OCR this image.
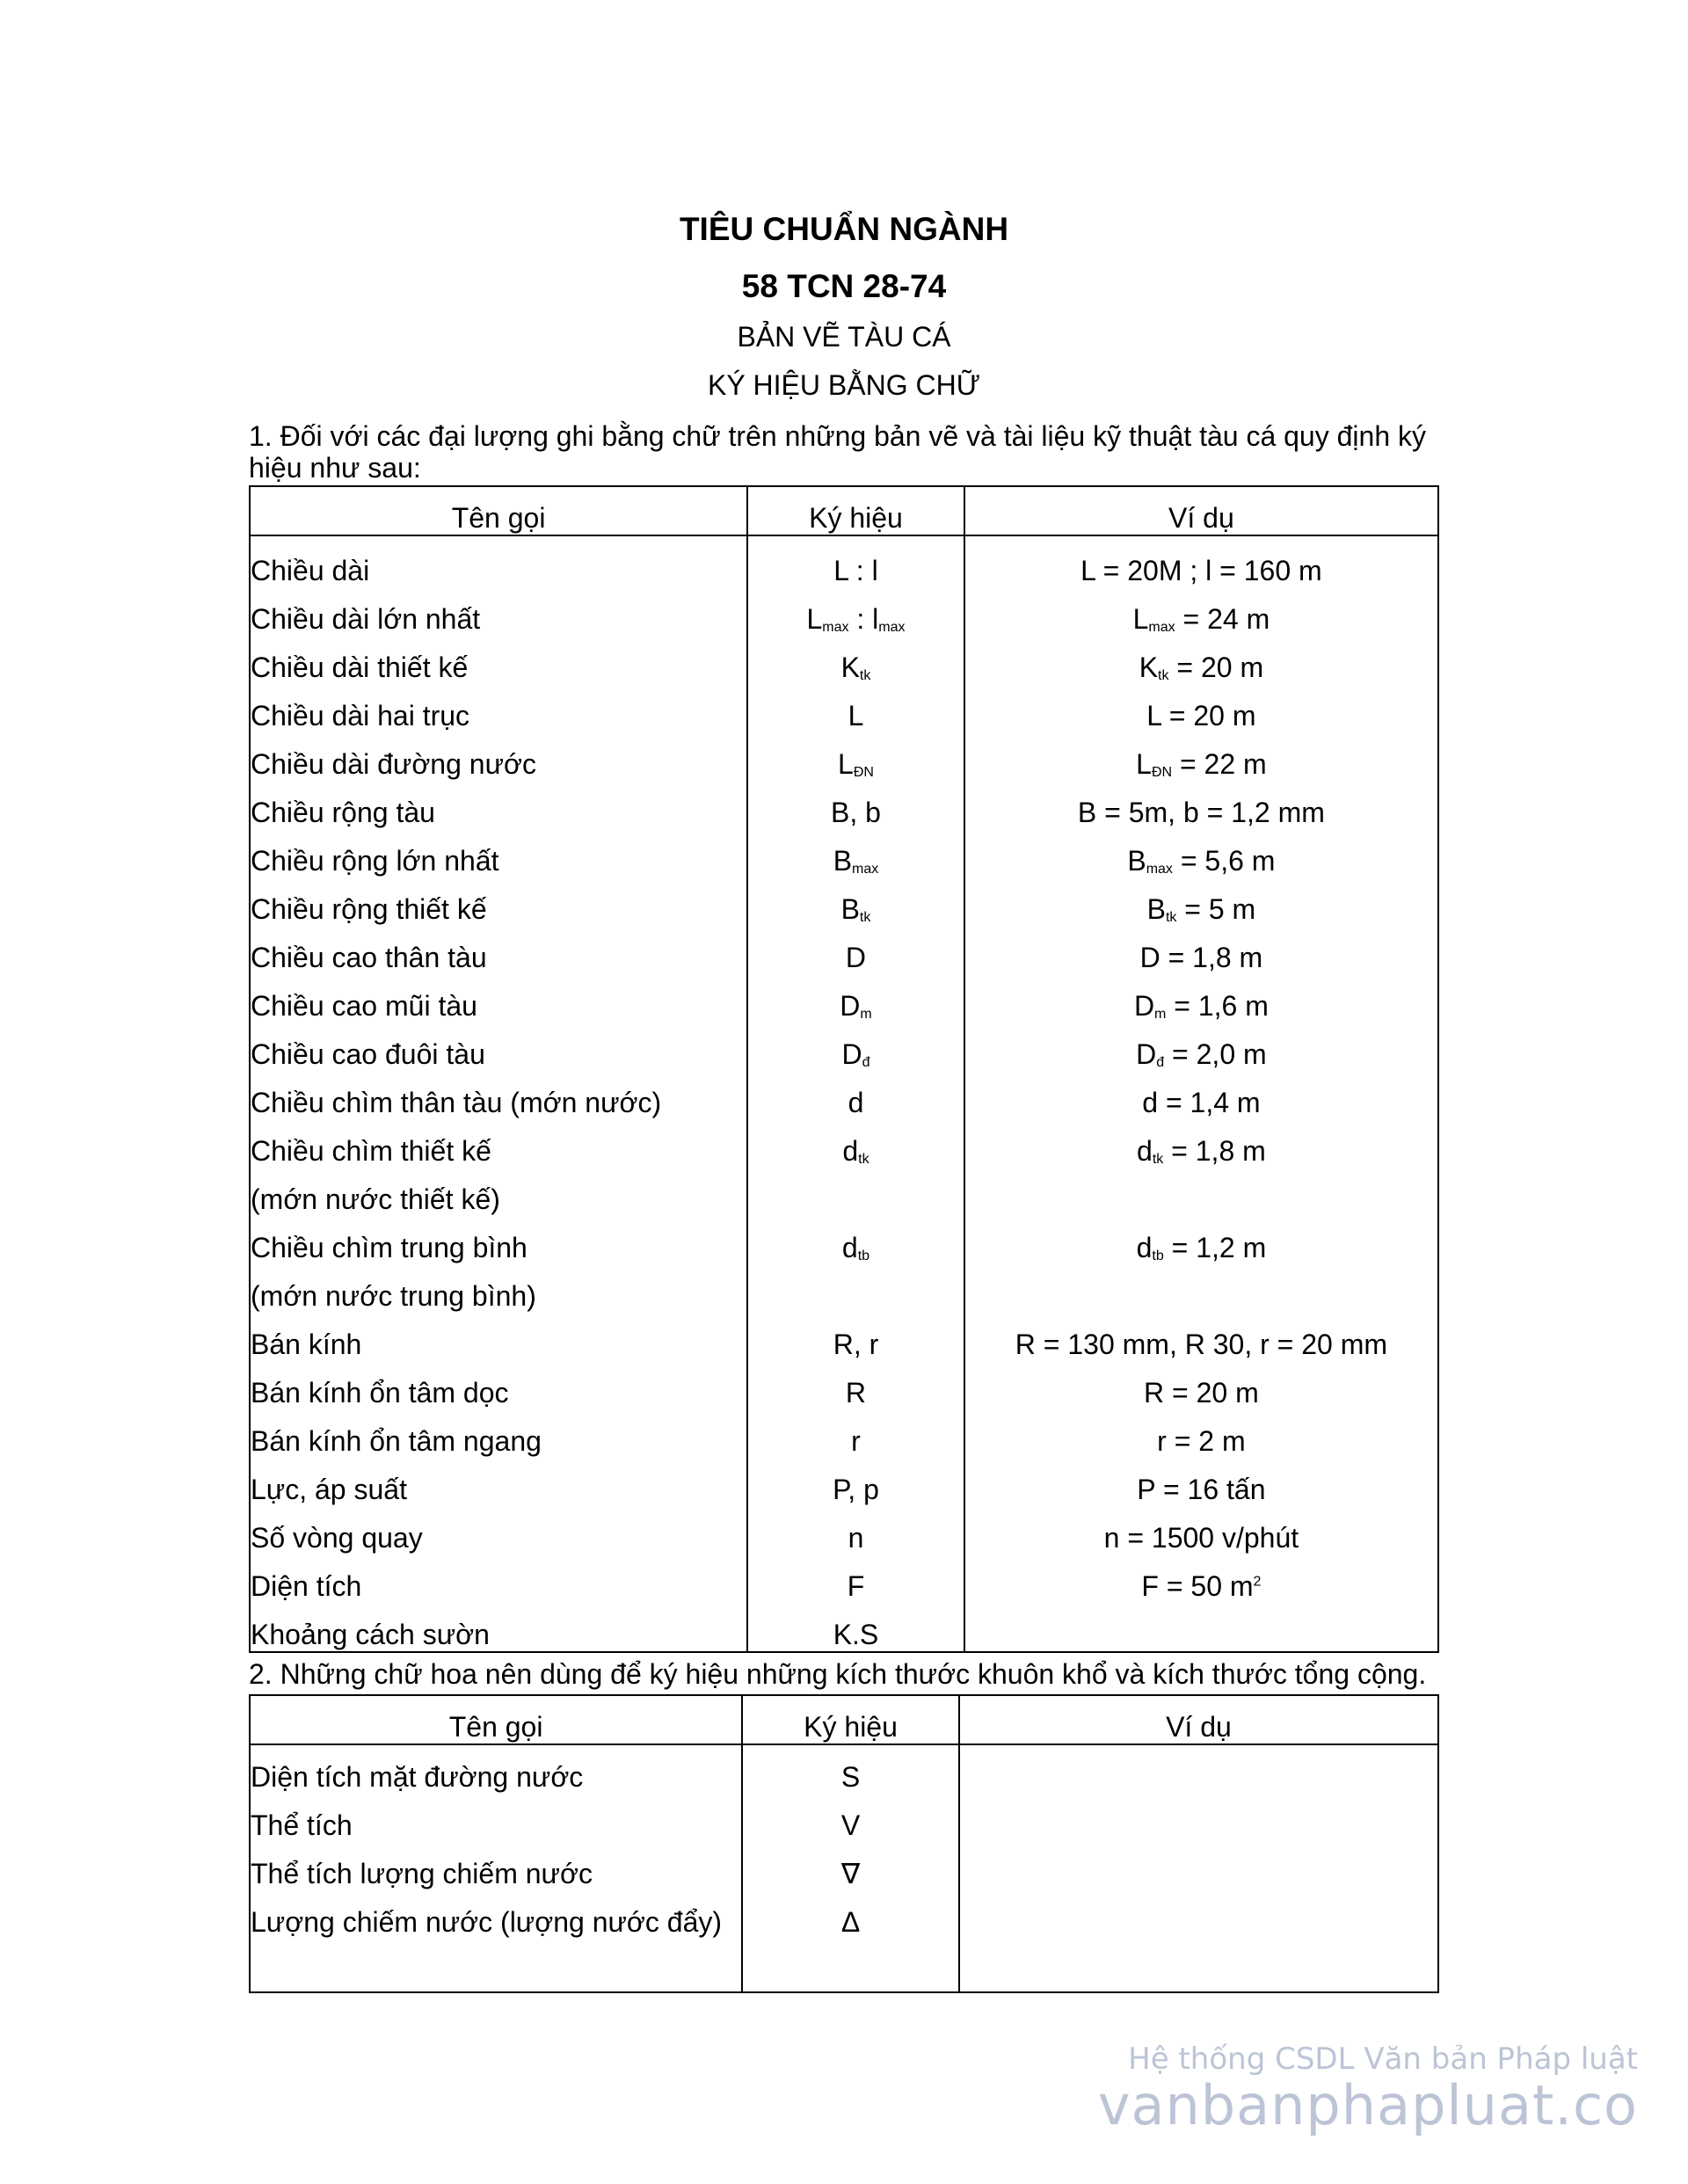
TIÊU CHUẨN NGÀNH
58 TCN 28-74
BẢN VẼ TÀU CÁ
KÝ HIỆU BẰNG CHỮ

1. Đối với các đại lượng ghi bằng chữ trên những bản vẽ và tài liệu kỹ thuật tàu cá quy định ký hiệu như sau:

Tên gọi	Ký hiệu	Ví dụ
Chiều dài	L : l	L = 20M ; l = 160 m
Chiều dài lớn nhất	$L_{max}$ : $l_{max}$	$L_{max} = 24$ m
Chiều dài thiết kế	$K_{tk}$	$K_{tk} = 20$ m
Chiều dài hai trục	L	L = 20 m
Chiều dài đường nước	$L_{ĐN}$	$L_{ĐN} = 22$ m
Chiều rộng tàu	B, b	B = 5m, b = 1,2 mm
Chiều rộng lớn nhất	$B_{max}$	$B_{max} = 5,6$ m
Chiều rộng thiết kế	$B_{tk}$	$B_{tk} = 5$ m
Chiều cao thân tàu	D	D = 1,8 m
Chiều cao mũi tàu	$D_m$	$D_m = 1,6$ m
Chiều cao đuôi tàu	$D_đ$	$D_đ = 2,0$ m
Chiều chìm thân tàu (mớn nước)	d	d = 1,4 m
Chiều chìm thiết kế	$d_{tk}$	$d_{tk} = 1,8$ m
(mớn nước thiết kế)		
Chiều chìm trung bình	$d_{tb}$	$d_{tb} = 1,2$ m
(mớn nước trung bình)		
Bán kính	R, r	R = 130 mm, R 30, r = 20 mm
Bán kính ổn tâm dọc	R	R = 20 m
Bán kính ổn tâm ngang	r	r = 2 m
Lực, áp suất	P, p	P = 16 tấn
Số vòng quay	n	n = 1500 v/phút
Diện tích	F	F = 50 $m^2$
Khoảng cách sườn	K.S	

2. Những chữ hoa nên dùng để ký hiệu những kích thước khuôn khổ và kích thước tổng cộng.

Tên gọi	Ký hiệu	Ví dụ
Diện tích mặt đường nước	S	
Thể tích	V	
Thể tích lượng chiếm nước	∇	
Lượng chiếm nước (lượng nước đẩy)	Δ	

Hệ thống CSDL Văn bản Pháp luật
vanbanphapluat.co
